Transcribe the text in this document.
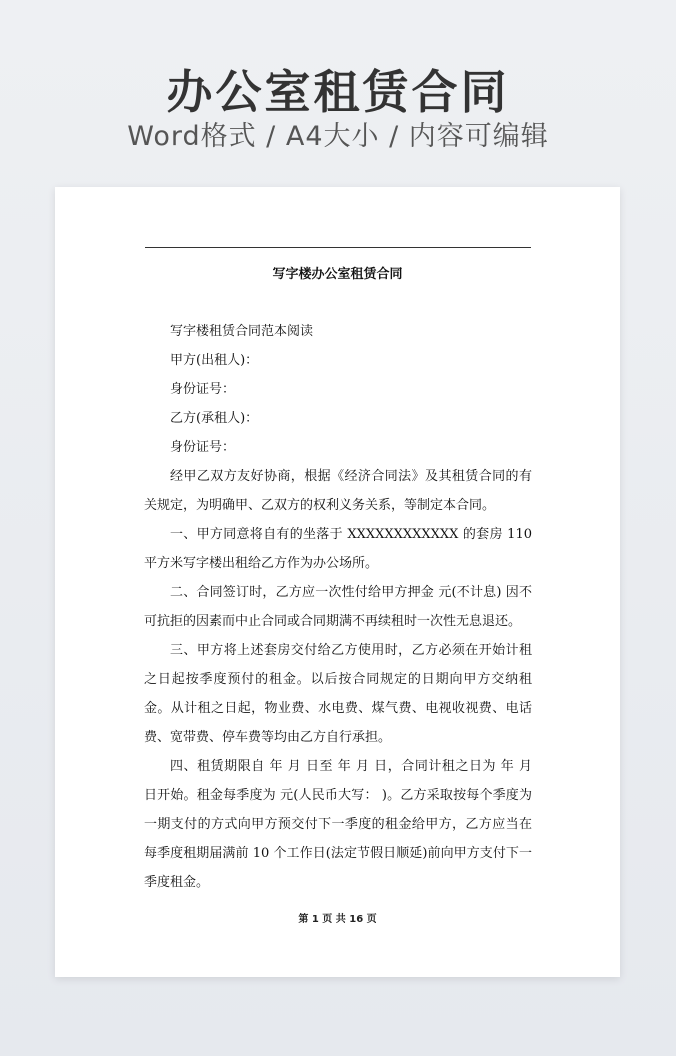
办公室租赁合同
Word格式 / A4大小 / 内容可编辑
写字楼办公室租赁合同

写字楼租赁合同范本阅读

甲方(出租人)：

身份证号：

乙方(承租人)：

身份证号：

经甲乙双方友好协商，根据《经济合同法》及其租赁合同的有关规定，为明确甲、乙双方的权利义务关系，等制定本合同。

一、甲方同意将自有的坐落于 XXXXXXXXXXXX 的套房 110 平方米写字楼出租给乙方作为办公场所。

二、合同签订时，乙方应一次性付给甲方押金 元(不计息) 因不可抗拒的因素而中止合同或合同期满不再续租时一次性无息退还。

三、甲方将上述套房交付给乙方使用时，乙方必须在开始计租之日起按季度预付的租金。以后按合同规定的日期向甲方交纳租金。从计租之日起，物业费、水电费、煤气费、电视收视费、电话费、宽带费、停车费等均由乙方自行承担。

四、租赁期限自 年 月 日至 年 月 日，合同计租之日为 年 月 日开始。租金每季度为 元(人民币大写： )。乙方采取按每个季度为一期支付的方式向甲方预交付下一季度的租金给甲方，乙方应当在每季度租期届满前 10 个工作日(法定节假日顺延)前向甲方支付下一季度租金。

第 1 页 共 16 页
